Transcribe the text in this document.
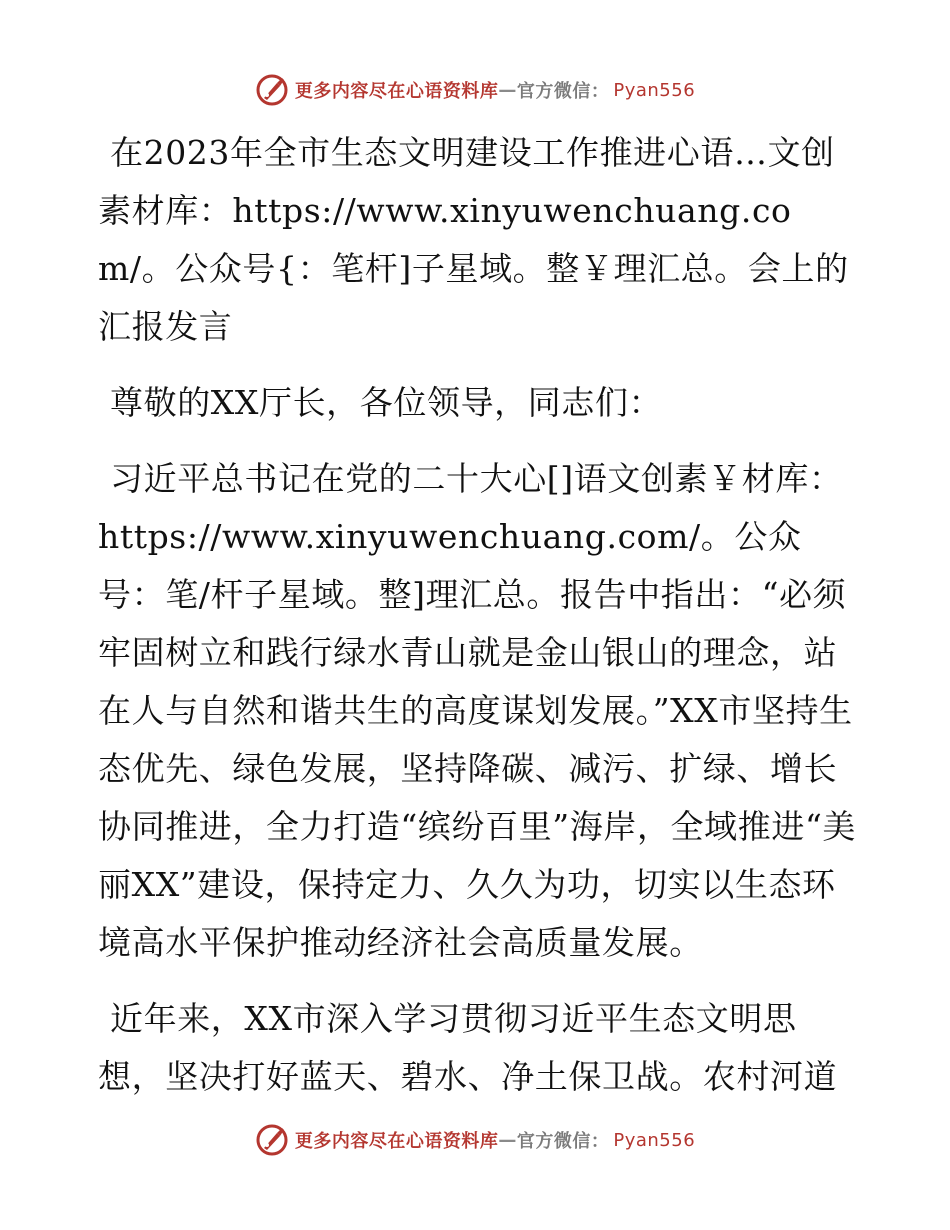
更多内容尽在心语资料库 — 官方微信： Pyan556

在2023年全市生态文明建设工作推进心语…文创素材库：https://www.xinyuwenchuang.com/。公众号{：笔杆]子星域。整￥理汇总。会上的汇报发言

尊敬的XX厅长，各位领导，同志们：

习近平总书记在党的二十大心[]语文创素￥材库：https://www.xinyuwenchuang.com/。公众号：笔/杆子星域。整]理汇总。报告中指出：“必须牢固树立和践行绿水青山就是金山银山的理念，站在人与自然和谐共生的高度谋划发展。”XX市坚持生态优先、绿色发展，坚持降碳、减污、扩绿、增长协同推进，全力打造“缤纷百里”海岸，全域推进“美丽XX”建设，保持定力、久久为功，切实以生态环境高水平保护推动经济社会高质量发展。

近年来，XX市深入学习贯彻习近平生态文明思想，坚决打好蓝天、碧水、净土保卫战。农村河道

更多内容尽在心语资料库 — 官方微信： Pyan556
